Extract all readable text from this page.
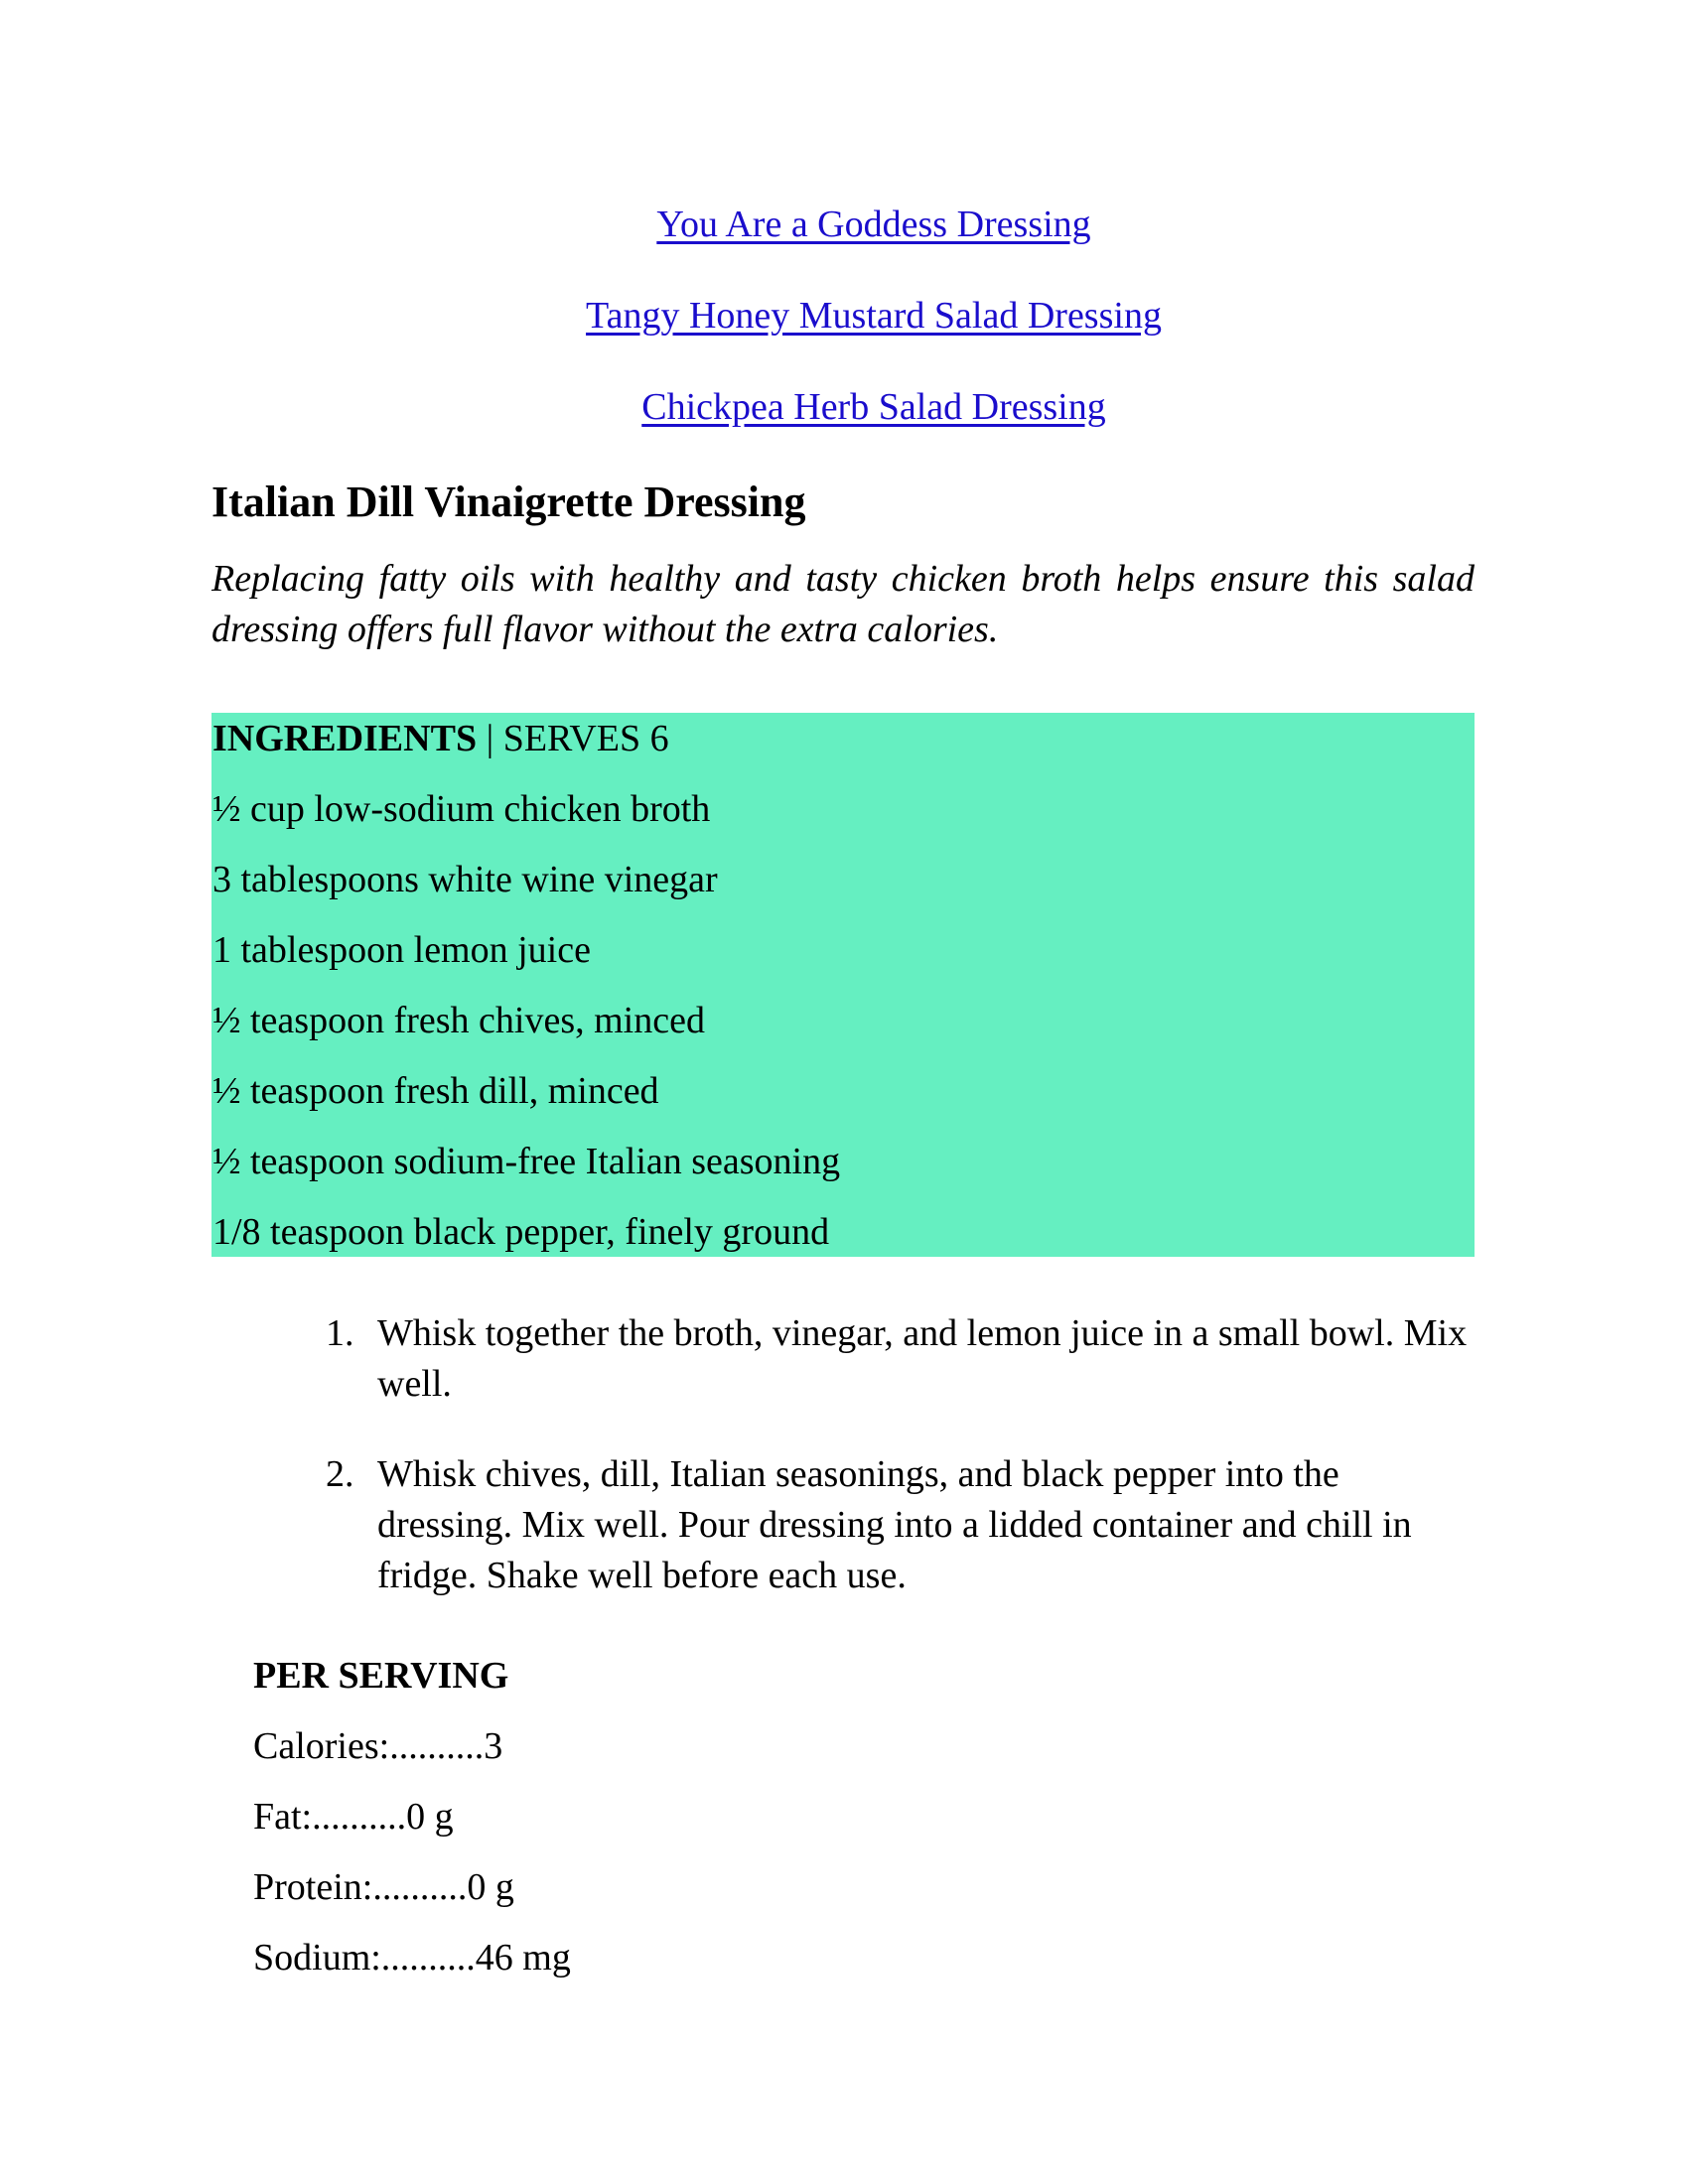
You Are a Goddess Dressing
Tangy Honey Mustard Salad Dressing
Chickpea Herb Salad Dressing
Italian Dill Vinaigrette Dressing

Replacing fatty oils with healthy and tasty chicken broth helps ensure this salad dressing offers full flavor without the extra calories.

INGREDIENTS | SERVES 6
½ cup low-sodium chicken broth
3 tablespoons white wine vinegar
1 tablespoon lemon juice
½ teaspoon fresh chives, minced
½ teaspoon fresh dill, minced
½ teaspoon sodium-free Italian seasoning
1/8 teaspoon black pepper, finely ground
1. Whisk together the broth, vinegar, and lemon juice in a small bowl. Mix well.
2. Whisk chives, dill, Italian seasonings, and black pepper into the dressing. Mix well. Pour dressing into a lidded container and chill in fridge. Shake well before each use.
PER SERVING
Calories:..........3
Fat:..........0 g
Protein:..........0 g
Sodium:..........46 mg
